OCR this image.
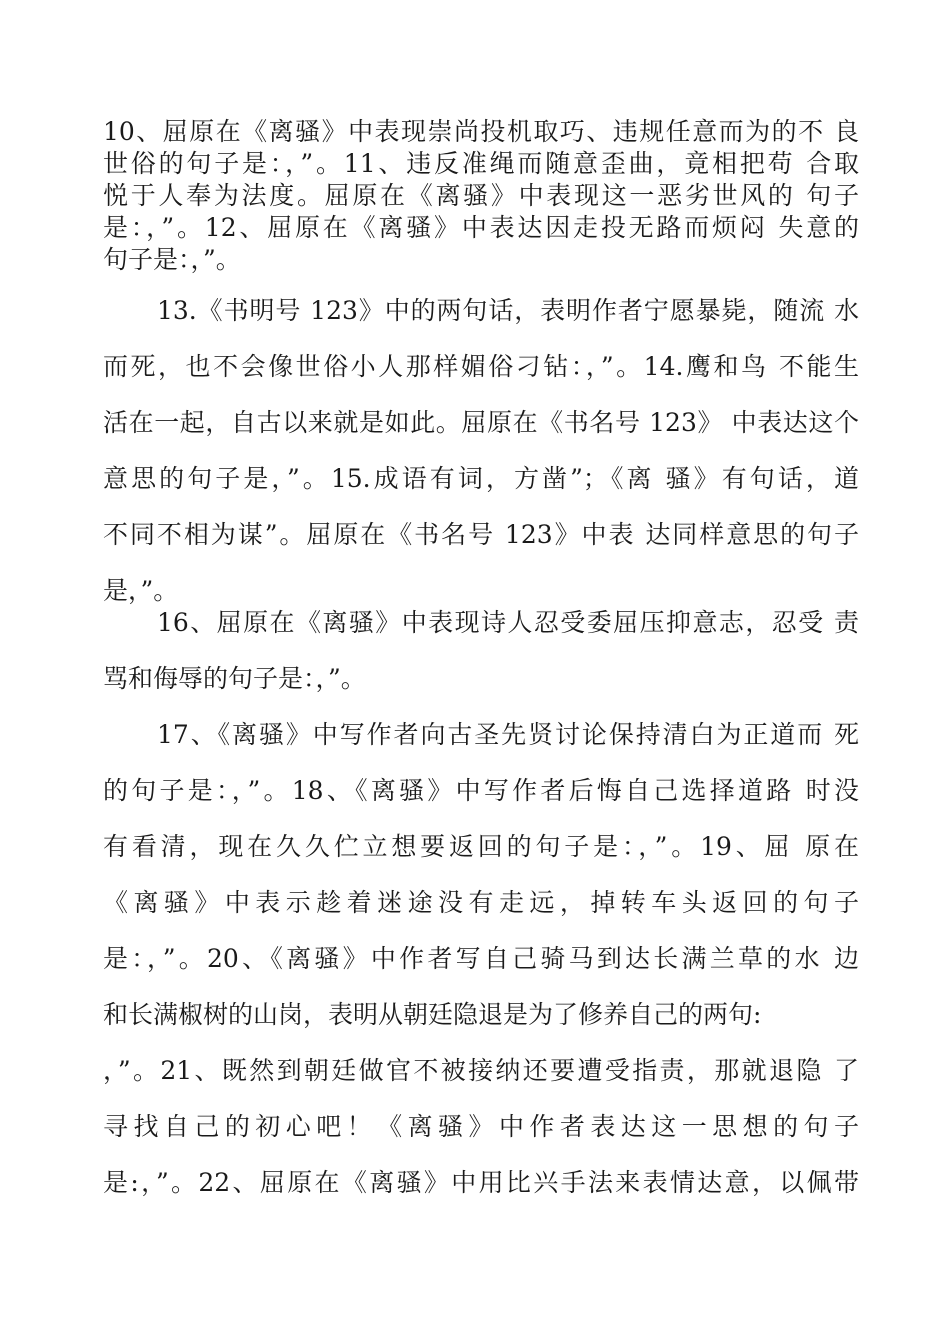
10、屈原在《离骚》中表现崇尚投机取巧、违规任意而为的不 良
世俗的句子是：，”。11、违反准绳而随意歪曲，竟相把苟 合取
悦于人奉为法度。屈原在《离骚》中表现这一恶劣世风的 句子
是：，”。12、屈原在《离骚》中表达因走投无路而烦闷 失意的
句子是：，”。

13.《书明号 123》中的两句话，表明作者宁愿暴毙，随流 水
而死，也不会像世俗小人那样媚俗刁钻：，”。14.鹰和鸟 不能生
活在一起，自古以来就是如此。屈原在《书名号 123》 中表达这个
意思的句子是，”。15.成语有词，方凿”；《离 骚》有句话，道
不同不相为谋”。屈原在《书名号 123》中表 达同样意思的句子
是，”。

16、屈原在《离骚》中表现诗人忍受委屈压抑意志，忍受 责
骂和侮辱的句子是：，”。

17、《离骚》中写作者向古圣先贤讨论保持清白为正道而 死
的句子是：，”。18、《离骚》中写作者后悔自己选择道路 时没
有看清，现在久久伫立想要返回的句子是：，”。19、屈 原在
《离骚》中表示趁着迷途没有走远，掉转车头返回的句子
是：，”。20、《离骚》中作者写自己骑马到达长满兰草的水 边
和长满椒树的山岗，表明从朝廷隐退是为了修养自己的两句:
，”。21、既然到朝廷做官不被接纳还要遭受指责，那就退隐 了
寻找自己的初心吧！《离骚》中作者表达这一思想的句子
是:，”。22、屈原在《离骚》中用比兴手法来表情达意，以佩带
